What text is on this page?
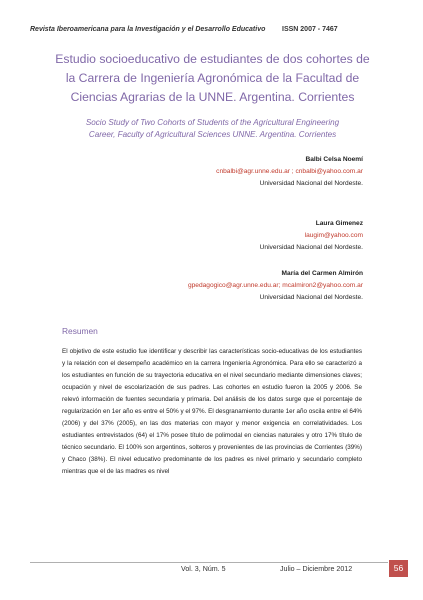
Revista Iberoamericana para la Investigación y el Desarrollo Educativo ISSN 2007 - 7467
Estudio socioeducativo de estudiantes de dos cohortes de
la Carrera de Ingeniería Agronómica de la Facultad de
Ciencias Agrarias de la UNNE. Argentina. Corrientes
Socio Study of Two Cohorts of Students of the Agricultural Engineering
Career, Faculty of Agricultural Sciences UNNE. Argentina. Corrientes
Balbi Celsa Noemí
cnbalbi@agr.unne.edu.ar ; cnbalbi@yahoo.com.ar
Universidad Nacional del Nordeste.
Laura Gimenez
laugim@yahoo.com
Universidad Nacional del Nordeste.
María del Carmen Almirón
gpedagogico@agr.unne.edu.ar; mcalmiron2@yahoo.com.ar
Universidad Nacional del Nordeste.
Resumen
El objetivo de este estudio fue identificar y describir las características socio-educativas de los estudiantes y la relación con el desempeño académico en la carrera Ingeniería Agronómica. Para ello se caracterizó a los estudiantes en función de su trayectoria educativa en el nivel secundario mediante dimensiones claves; ocupación y nivel de escolarización de sus padres. Las cohortes en estudio fueron la 2005 y 2006. Se relevó información de fuentes secundaria y primaria. Del análisis de los datos surge que el porcentaje de regularización en 1er año es entre el 50% y el 97%. El desgranamiento durante 1er año oscila entre el 64% (2006) y del 37% (2005), en las dos materias con mayor y menor exigencia en correlatividades. Los estudiantes entrevistados (64) el 17% posee título de polimodal en ciencias naturales y otro 17% título de técnico secundario. El 100% son argentinos, solteros y provenientes de las provincias de Corrientes (39%) y Chaco (38%). El nivel educativo predominante de los padres es nivel primario y secundario completo mientras que el de las madres es nivel
Vol. 3, Núm. 5	Julio – Diciembre 2012	56
